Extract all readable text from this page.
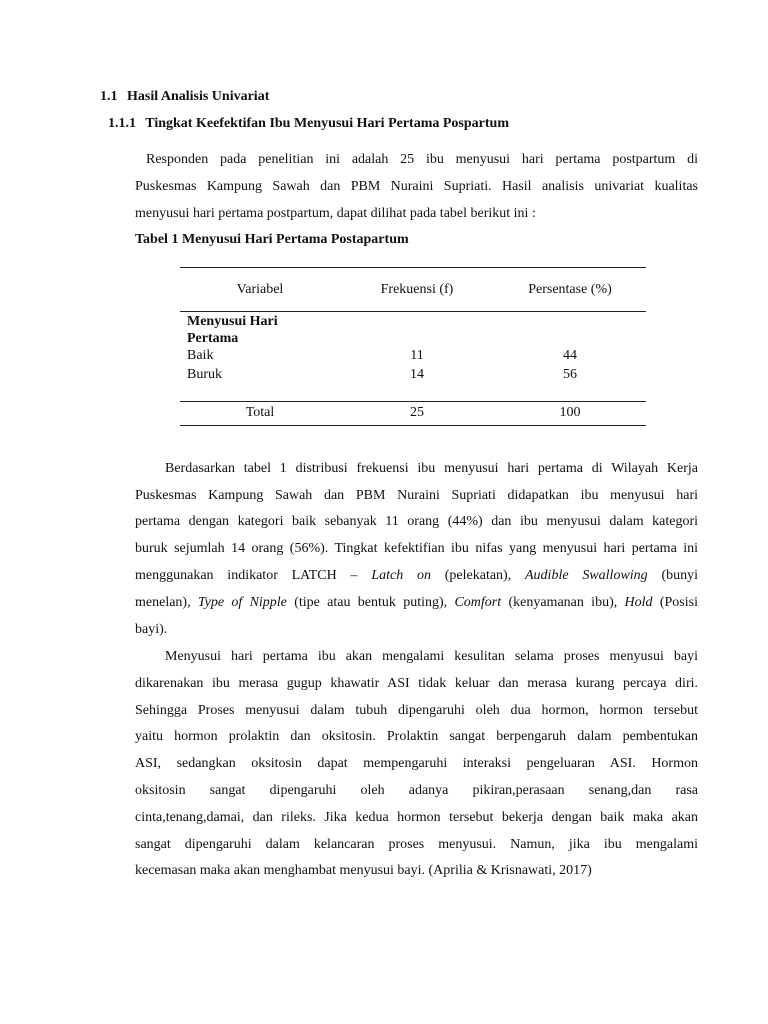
1.1 Hasil Analisis Univariat
1.1.1 Tingkat Keefektifan Ibu Menyusui Hari Pertama Pospartum
Responden pada penelitian ini adalah 25 ibu menyusui hari pertama postpartum di
Puskesmas Kampung Sawah dan PBM Nuraini Supriati. Hasil analisis univariat kualitas
menyusui hari pertama postpartum, dapat dilihat pada tabel berikut ini :
Tabel 1 Menyusui Hari Pertama Postapartum
Variabel	Frekuensi (f)	Persentase (%)
Menyusui Hari
Pertama
Baik	11	44
Buruk	14	56
Total	25	100
Berdasarkan tabel 1 distribusi frekuensi ibu menyusui hari pertama di Wilayah Kerja
Puskesmas Kampung Sawah dan PBM Nuraini Supriati didapatkan ibu menyusui hari
pertama dengan kategori baik sebanyak 11 orang (44%) dan ibu menyusui dalam kategori
buruk sejumlah 14 orang (56%). Tingkat kefektifian ibu nifas yang menyusui hari pertama ini
menggunakan indikator LATCH – Latch on (pelekatan), Audible Swallowing (bunyi
menelan), Type of Nipple (tipe atau bentuk puting), Comfort (kenyamanan ibu), Hold (Posisi
bayi).
Menyusui hari pertama ibu akan mengalami kesulitan selama proses menyusui bayi
dikarenakan ibu merasa gugup khawatir ASI tidak keluar dan merasa kurang percaya diri.
Sehingga Proses menyusui dalam tubuh dipengaruhi oleh dua hormon, hormon tersebut
yaitu hormon prolaktin dan oksitosin. Prolaktin sangat berpengaruh dalam pembentukan
ASI, sedangkan oksitosin dapat mempengaruhi interaksi pengeluaran ASI. Hormon
oksitosin sangat dipengaruhi oleh adanya pikiran,perasaan senang,dan rasa
cinta,tenang,damai, dan rileks. Jika kedua hormon tersebut bekerja dengan baik maka akan
sangat dipengaruhi dalam kelancaran proses menyusui. Namun, jika ibu mengalami
kecemasan maka akan menghambat menyusui bayi. (Aprilia & Krisnawati, 2017)
